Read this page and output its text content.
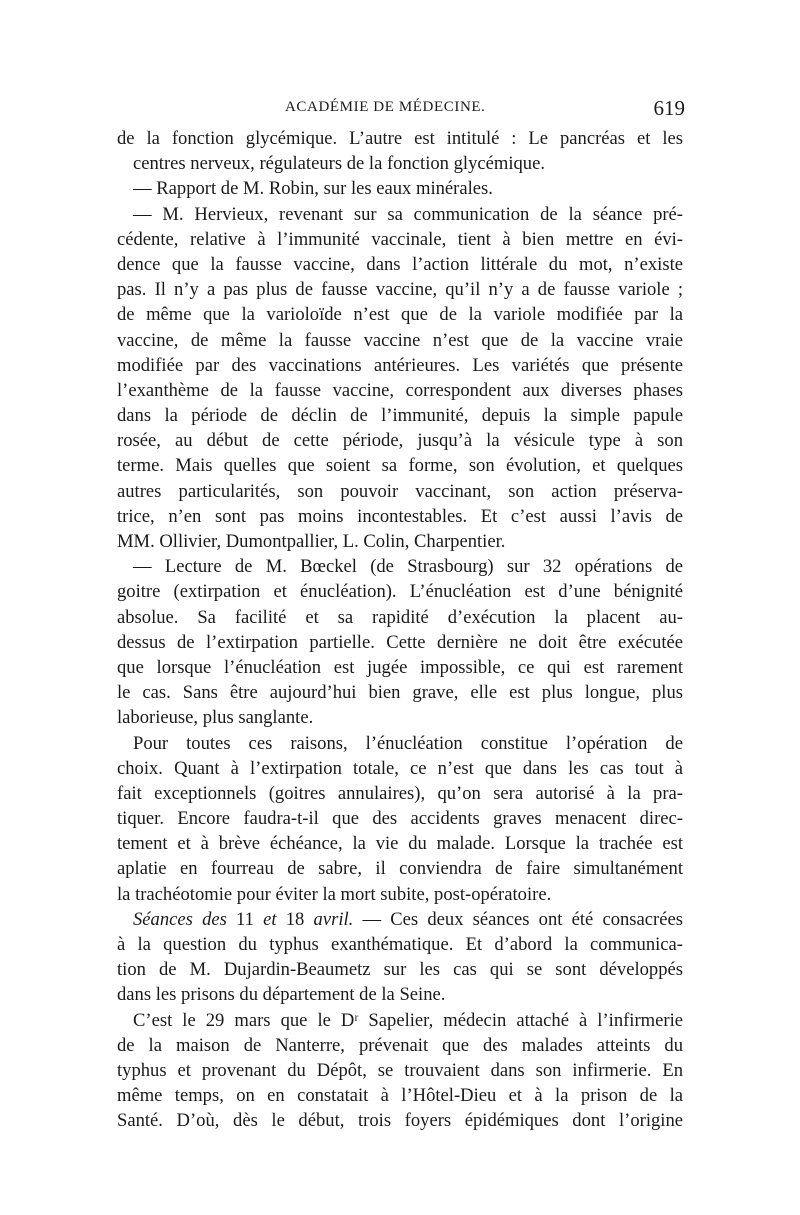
ACADÉMIE DE MÉDECINE.	619
de la fonction glycémique. L’autre est intitulé : Le pancréas et les
centres nerveux, régulateurs de la fonction glycémique.
— Rapport de M. Robin, sur les eaux minérales.
— M. Hervieux, revenant sur sa communication de la séance pré-
cédente, relative à l’immunité vaccinale, tient à bien mettre en évi-
dence que la fausse vaccine, dans l’action littérale du mot, n’existe
pas. Il n’y a pas plus de fausse vaccine, qu’il n’y a de fausse variole ;
de même que la varioloïde n’est que de la variole modifiée par la
vaccine, de même la fausse vaccine n’est que de la vaccine vraie
modifiée par des vaccinations antérieures. Les variétés que présente
l’exanthème de la fausse vaccine, correspondent aux diverses phases
dans la période de déclin de l’immunité, depuis la simple papule
rosée, au début de cette période, jusqu’à la vésicule type à son
terme. Mais quelles que soient sa forme, son évolution, et quelques
autres particularités, son pouvoir vaccinant, son action préserva-
trice, n’en sont pas moins incontestables. Et c’est aussi l’avis de
MM. Ollivier, Dumontpallier, L. Colin, Charpentier.
— Lecture de M. Bœckel (de Strasbourg) sur 32 opérations de
goitre (extirpation et énucléation). L’énucléation est d’une bénignité
absolue. Sa facilité et sa rapidité d’exécution la placent au-
dessus de l’extirpation partielle. Cette dernière ne doit être exécutée
que lorsque l’énucléation est jugée impossible, ce qui est rarement
le cas. Sans être aujourd’hui bien grave, elle est plus longue, plus
laborieuse, plus sanglante.
Pour toutes ces raisons, l’énucléation constitue l’opération de
choix. Quant à l’extirpation totale, ce n’est que dans les cas tout à
fait exceptionnels (goitres annulaires), qu’on sera autorisé à la pra-
tiquer. Encore faudra-t-il que des accidents graves menacent direc-
tement et à brève échéance, la vie du malade. Lorsque la trachée est
aplatie en fourreau de sabre, il conviendra de faire simultanément
la trachéotomie pour éviter la mort subite, post-opératoire.
Séances des 11 et 18 avril. — Ces deux séances ont été consacrées
à la question du typhus exanthématique. Et d’abord la communica-
tion de M. Dujardin-Beaumetz sur les cas qui se sont développés
dans les prisons du département de la Seine.
C’est le 29 mars que le Dʳ Sapelier, médecin attaché à l’infirmerie
de la maison de Nanterre, prévenait que des malades atteints du
typhus et provenant du Dépôt, se trouvaient dans son infirmerie. En
même temps, on en constatait à l’Hôtel-Dieu et à la prison de la
Santé. D’où, dès le début, trois foyers épidémiques dont l’origine
